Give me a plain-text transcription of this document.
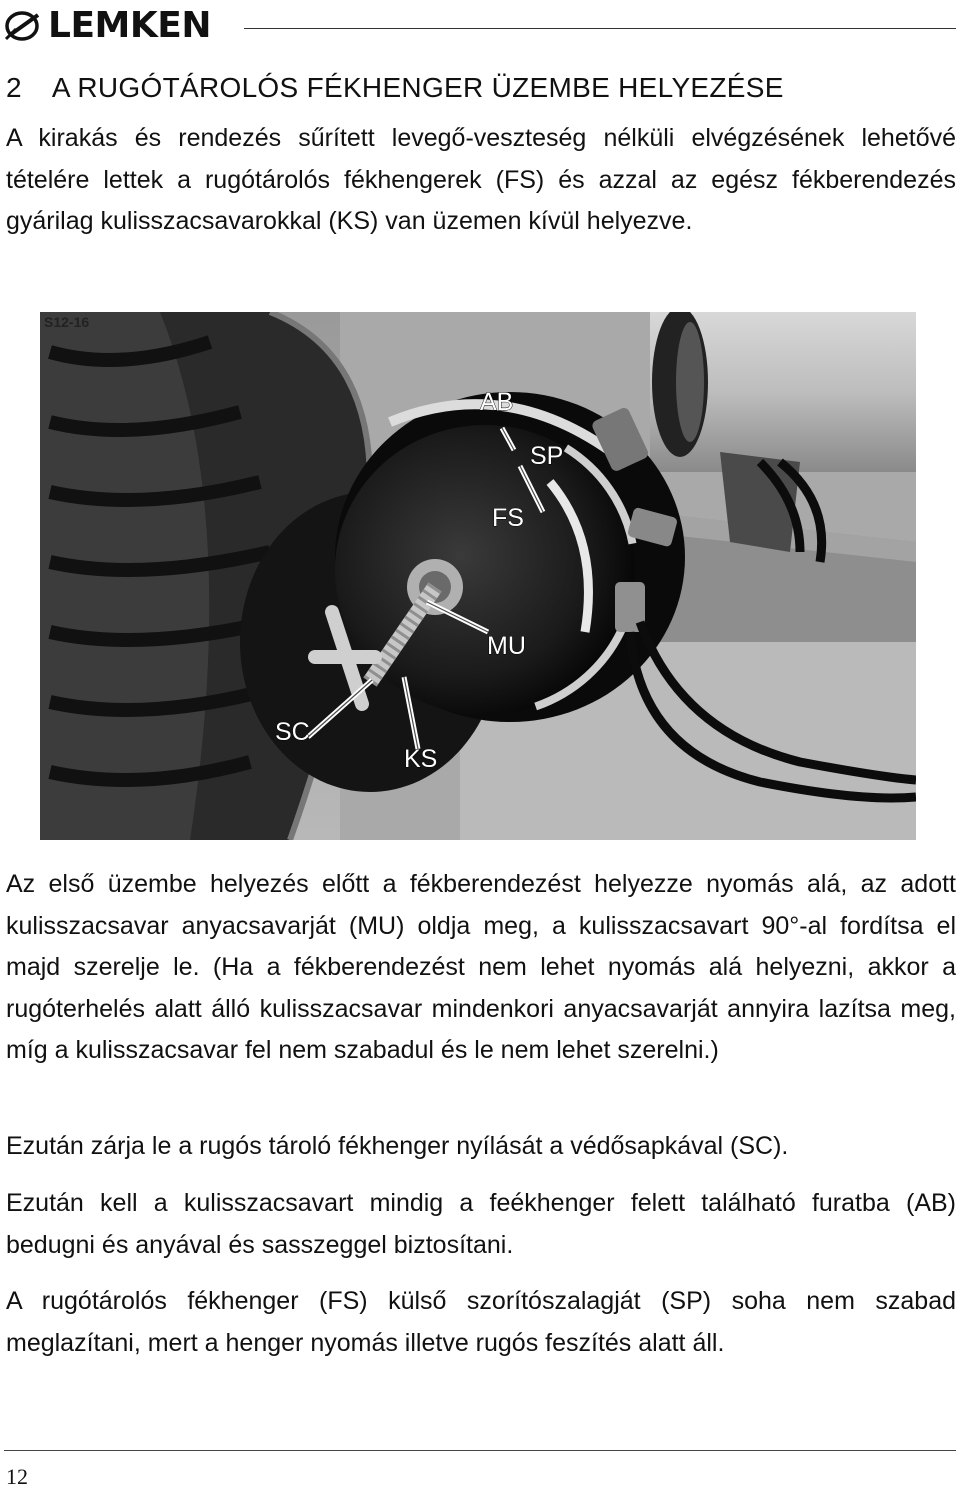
LEMKEN
2 A RUGÓTÁROLÓS FÉKHENGER ÜZEMBE HELYEZÉSE

A kirakás és rendezés sűrített levegő-veszteség nélküli elvégzésének lehetővé tételére lettek a rugótárolós fékhengerek (FS) és azzal az egész fékberendezés gyárilag kulisszacsavarokkal (KS) van üzemen kívül helyezve.

AB
SP
FS
MU
SC
KS
S12-16

Az első üzembe helyezés előtt a fékberendezést helyezze nyomás alá, az adott kulisszacsavar anyacsavarját (MU) oldja meg, a kulisszacsavart 90°-al fordítsa el majd szerelje le. (Ha a fékberendezést nem lehet nyomás alá helyezni, akkor a rugóterhelés alatt álló kulisszacsavar mindenkori anyacsavarját annyira lazítsa meg, míg a kulisszacsavar fel nem szabadul és le nem lehet szerelni.)

Ezután zárja le a rugós tároló fékhenger nyílását a védősapkával (SC).

Ezután kell a kulisszacsavart mindig a feékhenger felett található furatba (AB) bedugni és anyával és sasszeggel biztosítani.

A rugótárolós fékhenger (FS) külső szorítószalagját (SP) soha nem szabad meglazítani, mert a henger nyomás illetve rugós feszítés alatt áll.

12
